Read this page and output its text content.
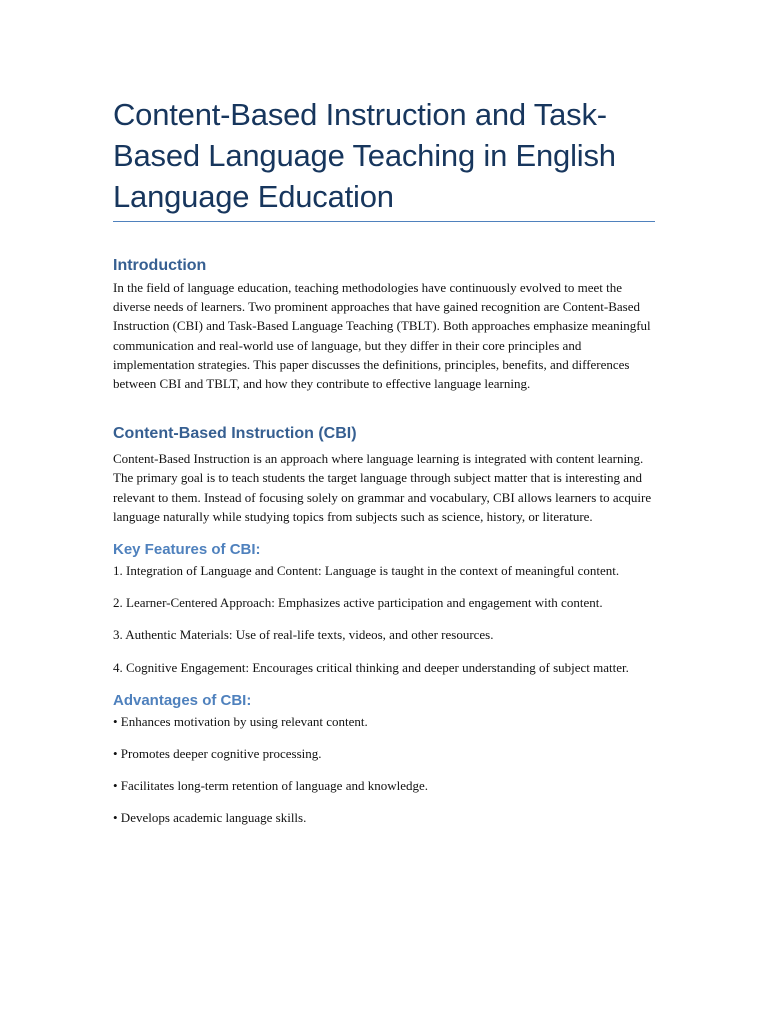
Content-Based Instruction and Task-Based Language Teaching in English Language Education
Introduction

In the field of language education, teaching methodologies have continuously evolved to meet the diverse needs of learners. Two prominent approaches that have gained recognition are Content-Based Instruction (CBI) and Task-Based Language Teaching (TBLT). Both approaches emphasize meaningful communication and real-world use of language, but they differ in their core principles and implementation strategies. This paper discusses the definitions, principles, benefits, and differences between CBI and TBLT, and how they contribute to effective language learning.

Content-Based Instruction (CBI)

Content-Based Instruction is an approach where language learning is integrated with content learning. The primary goal is to teach students the target language through subject matter that is interesting and relevant to them. Instead of focusing solely on grammar and vocabulary, CBI allows learners to acquire language naturally while studying topics from subjects such as science, history, or literature.

Key Features of CBI:

1. Integration of Language and Content: Language is taught in the context of meaningful content.

2. Learner-Centered Approach: Emphasizes active participation and engagement with content.

3. Authentic Materials: Use of real-life texts, videos, and other resources.

4. Cognitive Engagement: Encourages critical thinking and deeper understanding of subject matter.

Advantages of CBI:

• Enhances motivation by using relevant content.

• Promotes deeper cognitive processing.

• Facilitates long-term retention of language and knowledge.

• Develops academic language skills.
